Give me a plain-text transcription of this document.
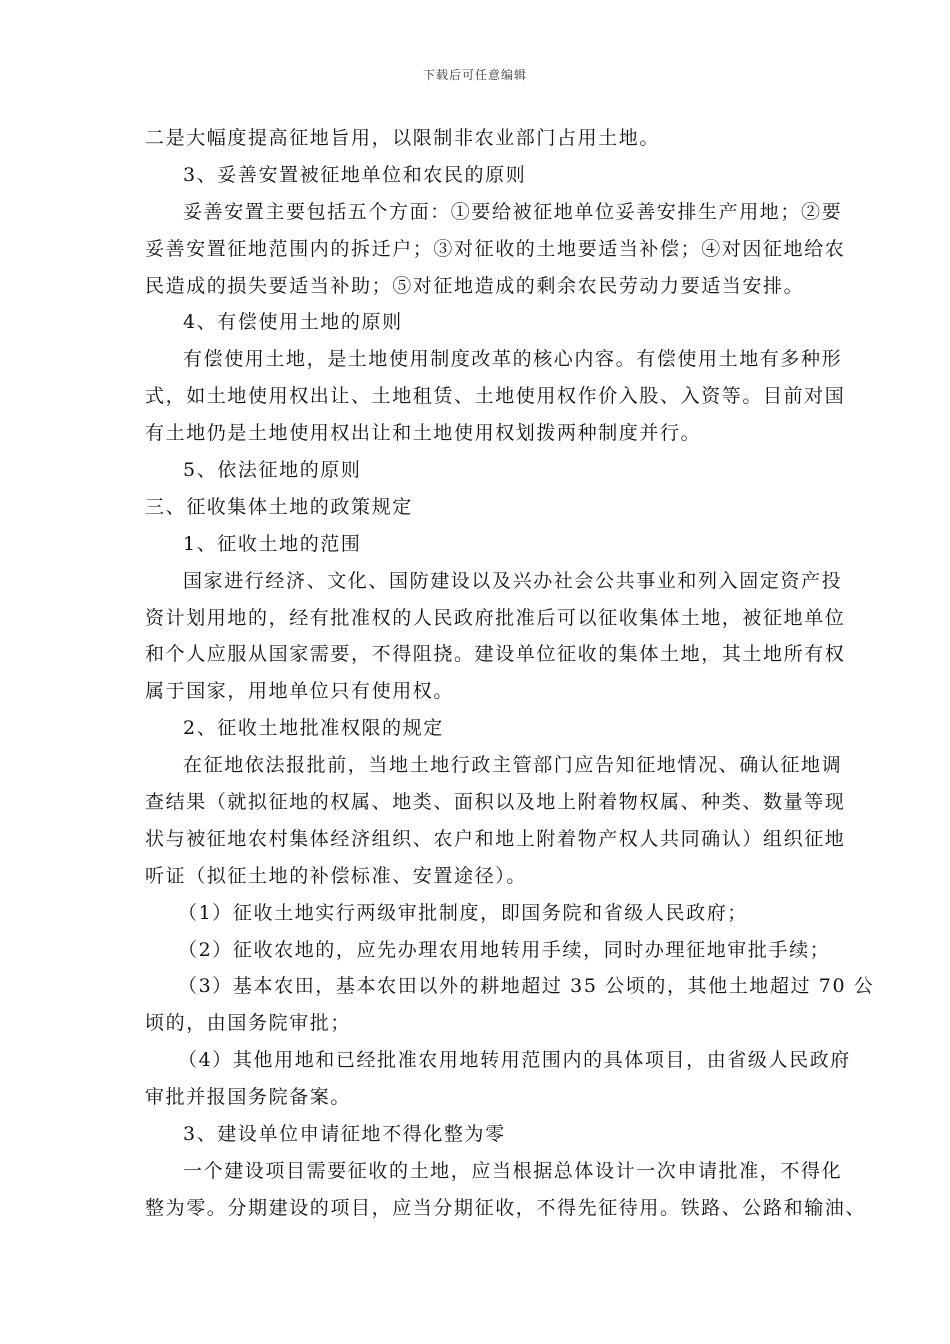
下载后可任意编辑
二是大幅度提高征地旨用，以限制非农业部门占用土地。
3、妥善安置被征地单位和农民的原则
妥善安置主要包括五个方面：①要给被征地单位妥善安排生产用地；②要
妥善安置征地范围内的拆迁户；③对征收的土地要适当补偿；④对因征地给农
民造成的损失要适当补助；⑤对征地造成的剩余农民劳动力要适当安排。
4、有偿使用土地的原则
有偿使用土地，是土地使用制度改革的核心内容。有偿使用土地有多种形
式，如土地使用权出让、土地租赁、土地使用权作价入股、入资等。目前对国
有土地仍是土地使用权出让和土地使用权划拨两种制度并行。
5、依法征地的原则
三、征收集体土地的政策规定
1、征收土地的范围
国家进行经济、文化、国防建设以及兴办社会公共事业和列入固定资产投
资计划用地的，经有批准权的人民政府批准后可以征收集体土地，被征地单位
和个人应服从国家需要，不得阻挠。建设单位征收的集体土地，其土地所有权
属于国家，用地单位只有使用权。
2、征收土地批准权限的规定
在征地依法报批前，当地土地行政主管部门应告知征地情况、确认征地调
查结果（就拟征地的权属、地类、面积以及地上附着物权属、种类、数量等现
状与被征地农村集体经济组织、农户和地上附着物产权人共同确认）组织征地
听证（拟征土地的补偿标准、安置途径）。
（1）征收土地实行两级审批制度，即国务院和省级人民政府；
（2）征收农地的，应先办理农用地转用手续，同时办理征地审批手续；
（3）基本农田，基本农田以外的耕地超过 35 公顷的，其他土地超过 70 公
顷的，由国务院审批；
（4）其他用地和已经批准农用地转用范围内的具体项目，由省级人民政府
审批并报国务院备案。
3、建设单位申请征地不得化整为零
一个建设项目需要征收的土地，应当根据总体设计一次申请批准，不得化
整为零。分期建设的项目，应当分期征收，不得先征待用。铁路、公路和输油、
